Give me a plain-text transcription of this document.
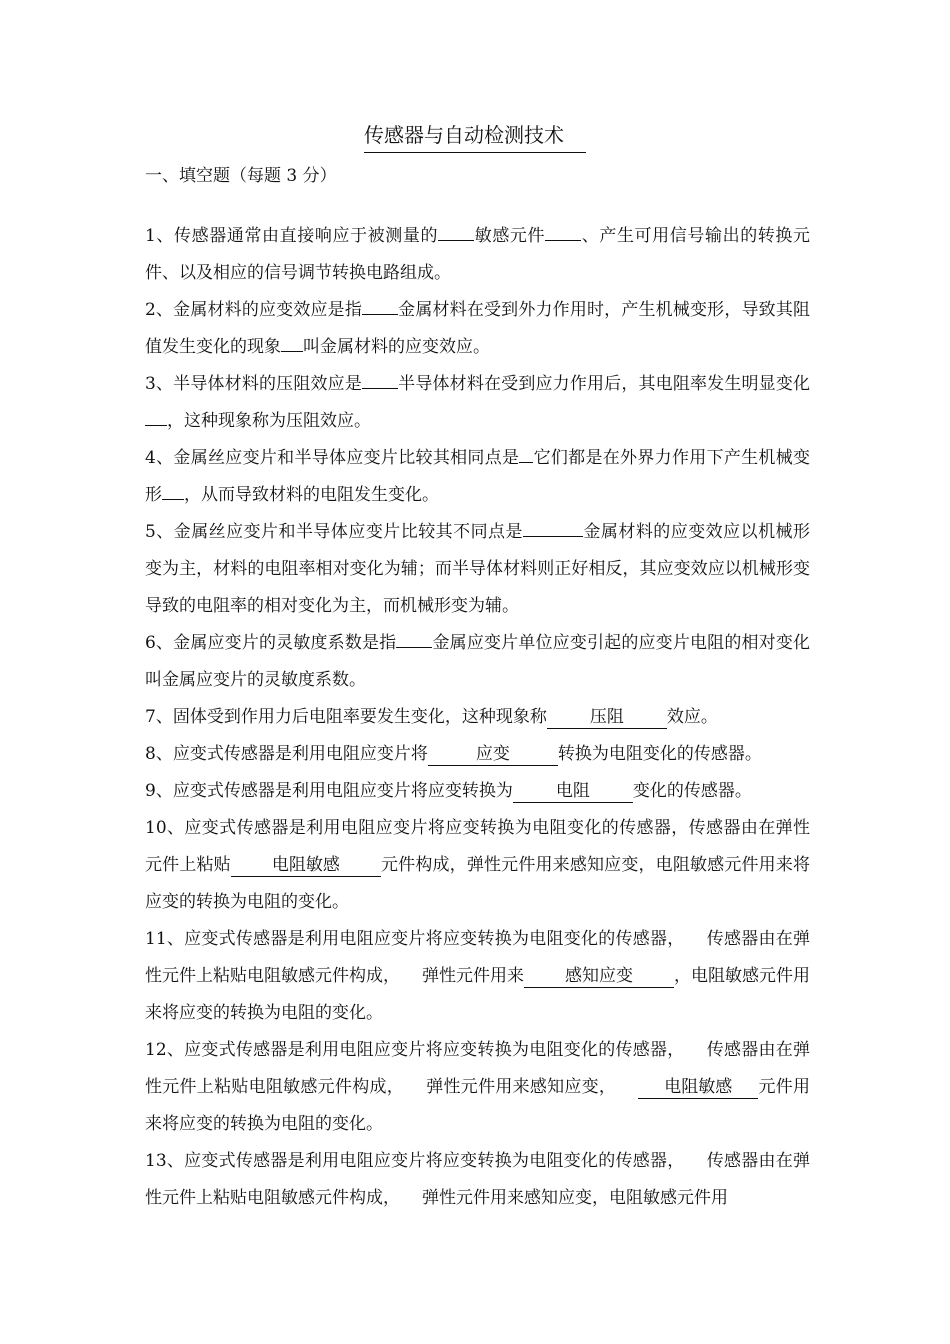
传感器与自动检测技术
一、填空题（每题 3 分）

1、传感器通常由直接响应于被测量的 敏感元件 、产生可用信号输出的转换元件、以及相应的信号调节转换电路组成。

2、金属材料的应变效应是指 金属材料在受到外力作用时，产生机械变形，导致其阻值发生变化的现象 叫金属材料的应变效应。

3、半导体材料的压阻效应是 半导体材料在受到应力作用后，其电阻率发生明显变化，这种现象称为压阻效应。

4、金属丝应变片和半导体应变片比较其相同点是 它们都是在外界力作用下产生机械变形 ，从而导致材料的电阻发生变化。

5、金属丝应变片和半导体应变片比较其不同点是	金属材料的应变效应以机械形变为主，材料的电阻率相对变化为辅；而半导体材料则正好相反，其应变效应以机械形变导致的电阻率的相对变化为主，而机械形变为辅。

6、金属应变片的灵敏度系数是指 金属应变片单位应变引起的应变片电阻的相对变化叫金属应变片的灵敏度系数。

7、固体受到作用力后电阻率要发生变化，这种现象称	压阻	效应。

8、应变式传感器是利用电阻应变片将	应变	转换为电阻变化的传感器。

9、应变式传感器是利用电阻应变片将应变转换为	电阻	变化的传感器。

10、应变式传感器是利用电阻应变片将应变转换为电阻变化的传感器，传感器由在弹性元件上粘贴 电阻敏感 元件构成，弹性元件用来感知应变，电阻敏感元件用来将应变的转换为电阻的变化。

11、应变式传感器是利用电阻应变片将应变转换为电阻变化的传感器， 传感器由在弹性元件上粘贴电阻敏感元件构成， 弹性元件用来 感知应变 ，电阻敏感元件用来将应变的转换为电阻的变化。

12、应变式传感器是利用电阻应变片将应变转换为电阻变化的传感器， 传感器由在弹性元件上粘贴电阻敏感元件构成， 弹性元件用来感知应变，	电阻敏感 元件用来将应变的转换为电阻的变化。

13、应变式传感器是利用电阻应变片将应变转换为电阻变化的传感器， 传感器由在弹性元件上粘贴电阻敏感元件构成， 弹性元件用来感知应变，电阻敏感元件用
